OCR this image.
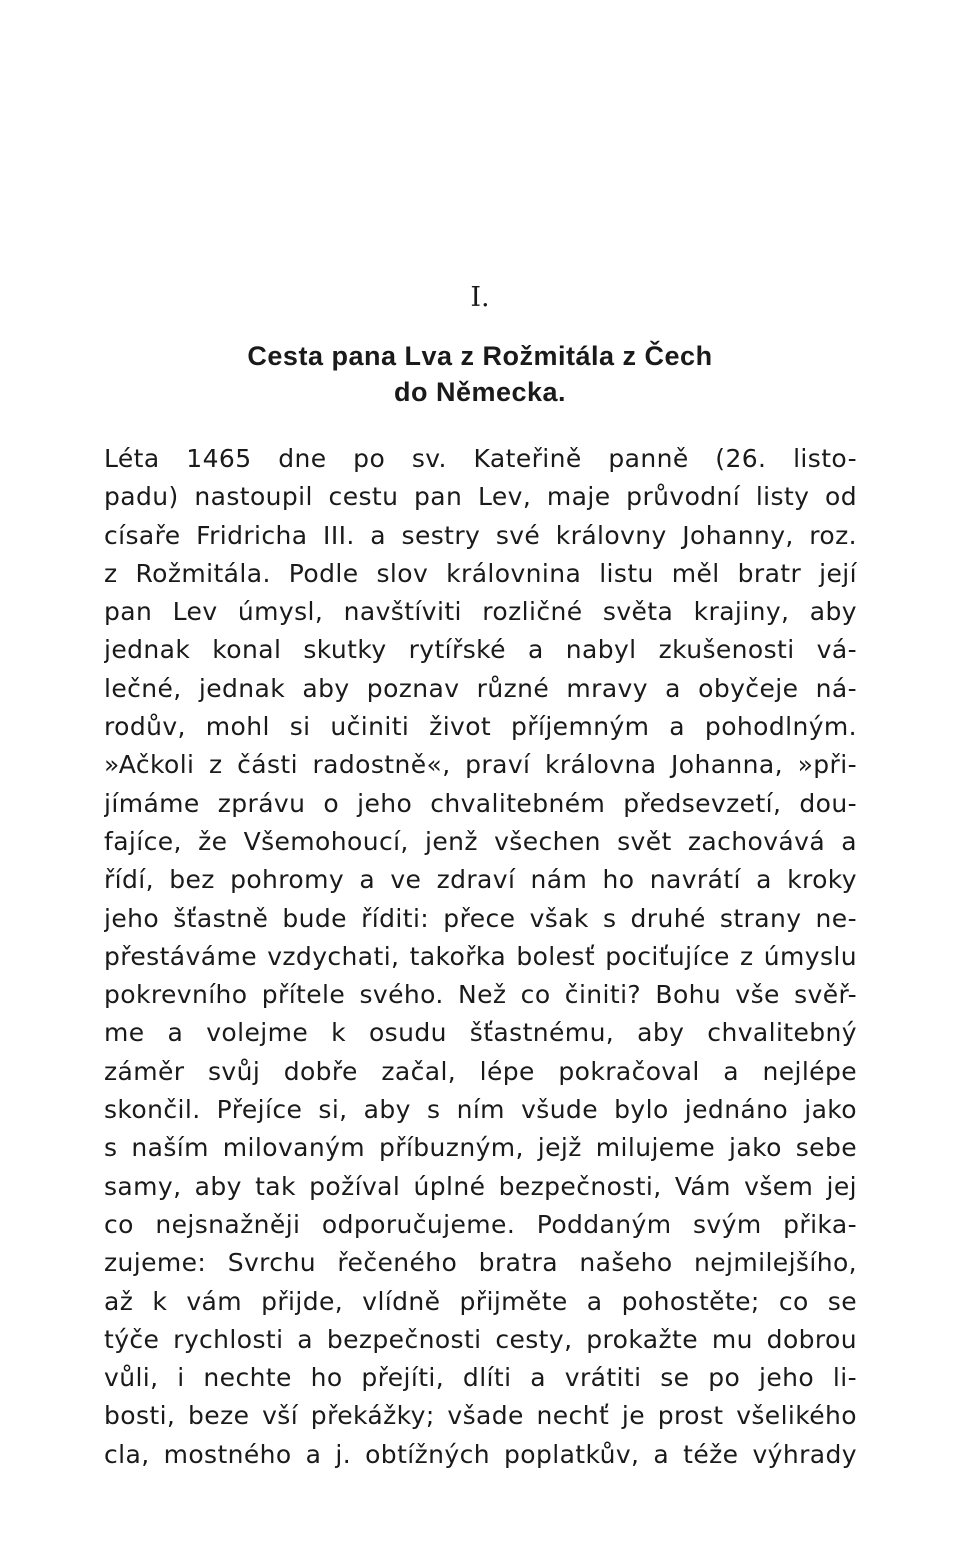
I.
Cesta pana Lva z Rožmitála z Čech
do Německa.
Léta 1465 dne po sv. Kateřině panně (26. listo-
padu) nastoupil cestu pan Lev, maje průvodní listy od
císaře Fridricha III. a sestry své královny Johanny, roz.
z Rožmitála. Podle slov královnina listu měl bratr její
pan Lev úmysl, navštíviti rozličné světa krajiny, aby
jednak konal skutky rytířské a nabyl zkušenosti vá-
lečné, jednak aby poznav různé mravy a obyčeje ná-
rodův, mohl si učiniti život příjemným a pohodlným.
»Ačkoli z části radostně«, praví královna Johanna, »při-
jímáme zprávu o jeho chvalitebném předsevzetí, dou-
fajíce, že Všemohoucí, jenž všechen svět zachovává a
řídí, bez pohromy a ve zdraví nám ho navrátí a kroky
jeho šťastně bude říditi: přece však s druhé strany ne-
přestáváme vzdychati, takořka bolesť pociťujíce z úmyslu
pokrevního přítele svého. Než co činiti? Bohu vše svěř-
me a volejme k osudu šťastnému, aby chvalitebný
záměr svůj dobře začal, lépe pokračoval a nejlépe
skončil. Přejíce si, aby s ním všude bylo jednáno jako
s naším milovaným příbuzným, jejž milujeme jako sebe
samy, aby tak požíval úplné bezpečnosti, Vám všem jej
co nejsnažněji odporučujeme. Poddaným svým přika-
zujeme: Svrchu řečeného bratra našeho nejmilejšího,
až k vám přijde, vlídně přijměte a pohostěte; co se
týče rychlosti a bezpečnosti cesty, prokažte mu dobrou
vůli, i nechte ho přejíti, dlíti a vrátiti se po jeho li-
bosti, beze vší překážky; všade nechť je prost všelikého
cla, mostného a j. obtížných poplatkův, a téže výhrady
